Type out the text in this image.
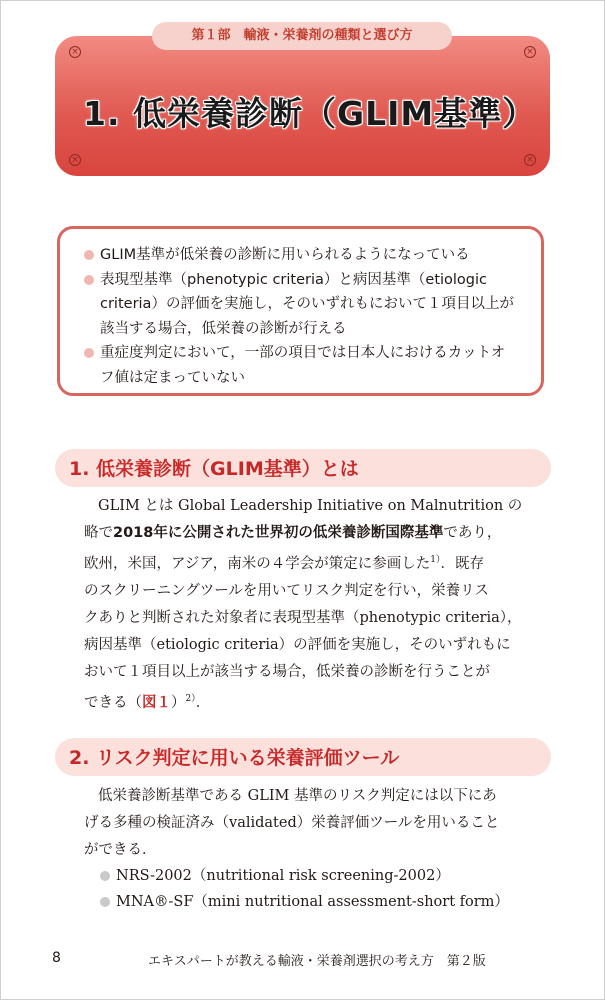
×	×
×	×
1. 低栄養診断（GLIM基準）
第１部　輸液・栄養剤の種類と選び方
GLIM基準が低栄養の診断に用いられるようになっている
表現型基準（phenotypic criteria）と病因基準（etiologic
criteria）の評価を実施し，そのいずれもにおいて１項目以上が
該当する場合，低栄養の診断が行える
重症度判定において，一部の項目では日本人におけるカットオ
フ値は定まっていない
1. 低栄養診断（GLIM基準）とは
GLIM とは Global Leadership Initiative on Malnutrition の
略で2018年に公開された世界初の低栄養診断国際基準であり，
欧州，米国，アジア，南米の４学会が策定に参画した$^{1)}$．既存
のスクリーニングツールを用いてリスク判定を行い，栄養リス
クありと判断された対象者に表現型基準（phenotypic criteria），
病因基準（etiologic criteria）の評価を実施し，そのいずれもに
おいて１項目以上が該当する場合，低栄養の診断を行うことが
できる（図１）$^{2)}$．
2. リスク判定に用いる栄養評価ツール
低栄養診断基準である GLIM 基準のリスク判定には以下にあ
げる多種の検証済み（validated）栄養評価ツールを用いること
ができる．
NRS-2002（nutritional risk screening-2002）
MNA®-SF（mini nutritional assessment-short form）
8	エキスパートが教える輸液・栄養剤選択の考え方　第２版
